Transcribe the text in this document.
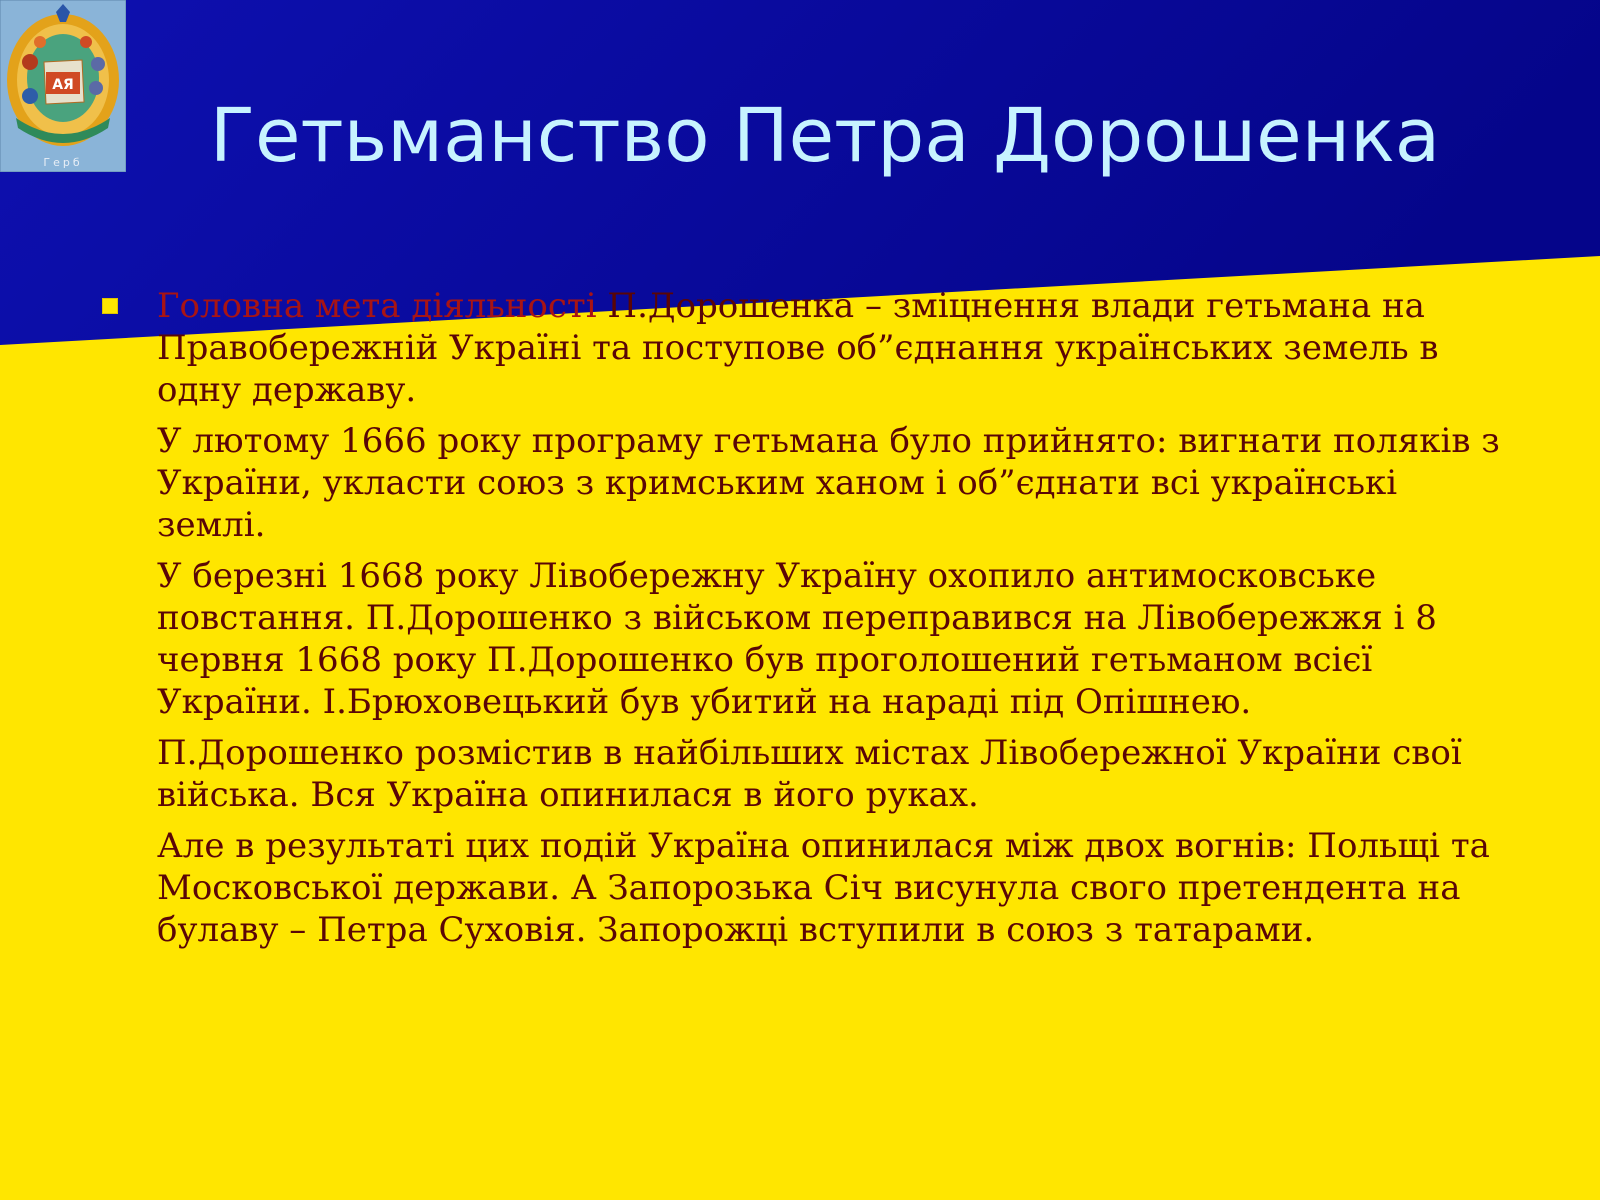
АЯ
Герб	Гетьманство Петра Дорошенка

Головна мета діяльності П.Дорошенка – зміцнення влади гетьмана на Правобережній Україні та поступове об”єднання українських земель в одну державу.

У лютому 1666 року програму гетьмана було прийнято: вигнати поляків з України, укласти союз з кримським ханом і об”єднати всі українські землі.

У березні 1668 року Лівобережну Україну охопило антимосковське повстання. П.Дорошенко з військом переправився на Лівобережжя і 8 червня 1668 року П.Дорошенко був проголошений гетьманом всієї України. І.Брюховецький був убитий на нараді під Опішнею.

П.Дорошенко розмістив в найбільших містах Лівобережної України свої війська. Вся Україна опинилася в його руках.

Але в результаті цих подій Україна опинилася між двох вогнів: Польщі та Московської держави. А Запорозька Січ висунула свого претендента на булаву – Петра Суховія. Запорожці вступили в союз з татарами.
